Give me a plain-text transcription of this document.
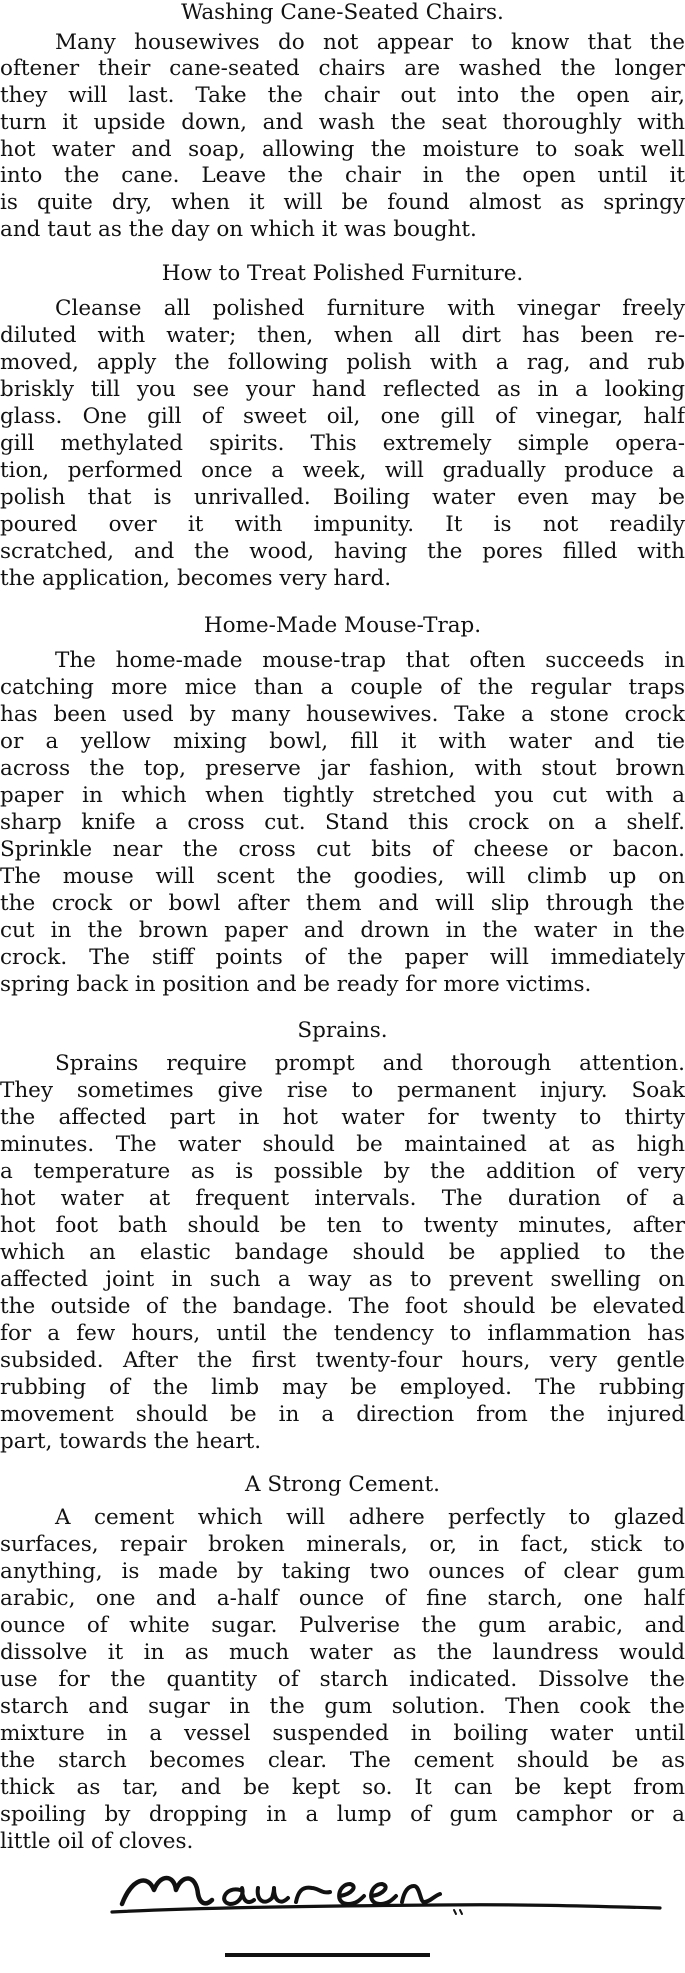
Washing Cane-Seated Chairs.
Many housewives do not appear to know that the
oftener their cane-seated chairs are washed the longer
they will last. Take the chair out into the open air,
turn it upside down, and wash the seat thoroughly with
hot water and soap, allowing the moisture to soak well
into the cane. Leave the chair in the open until it
is quite dry, when it will be found almost as springy
and taut as the day on which it was bought.
How to Treat Polished Furniture.
Cleanse all polished furniture with vinegar freely
diluted with water; then, when all dirt has been re-
moved, apply the following polish with a rag, and rub
briskly till you see your hand reflected as in a looking
glass. One gill of sweet oil, one gill of vinegar, half
gill methylated spirits. This extremely simple opera-
tion, performed once a week, will gradually produce a
polish that is unrivalled. Boiling water even may be
poured over it with impunity. It is not readily
scratched, and the wood, having the pores filled with
the application, becomes very hard.
Home-Made Mouse-Trap.
The home-made mouse-trap that often succeeds in
catching more mice than a couple of the regular traps
has been used by many housewives. Take a stone crock
or a yellow mixing bowl, fill it with water and tie
across the top, preserve jar fashion, with stout brown
paper in which when tightly stretched you cut with a
sharp knife a cross cut. Stand this crock on a shelf.
Sprinkle near the cross cut bits of cheese or bacon.
The mouse will scent the goodies, will climb up on
the crock or bowl after them and will slip through the
cut in the brown paper and drown in the water in the
crock. The stiff points of the paper will immediately
spring back in position and be ready for more victims.
Sprains.
Sprains require prompt and thorough attention.
They sometimes give rise to permanent injury. Soak
the affected part in hot water for twenty to thirty
minutes. The water should be maintained at as high
a temperature as is possible by the addition of very
hot water at frequent intervals. The duration of a
hot foot bath should be ten to twenty minutes, after
which an elastic bandage should be applied to the
affected joint in such a way as to prevent swelling on
the outside of the bandage. The foot should be elevated
for a few hours, until the tendency to inflammation has
subsided. After the first twenty-four hours, very gentle
rubbing of the limb may be employed. The rubbing
movement should be in a direction from the injured
part, towards the heart.
A Strong Cement.
A cement which will adhere perfectly to glazed
surfaces, repair broken minerals, or, in fact, stick to
anything, is made by taking two ounces of clear gum
arabic, one and a-half ounce of fine starch, one half
ounce of white sugar. Pulverise the gum arabic, and
dissolve it in as much water as the laundress would
use for the quantity of starch indicated. Dissolve the
starch and sugar in the gum solution. Then cook the
mixture in a vessel suspended in boiling water until
the starch becomes clear. The cement should be as
thick as tar, and be kept so. It can be kept from
spoiling by dropping in a lump of gum camphor or a
little oil of cloves.
